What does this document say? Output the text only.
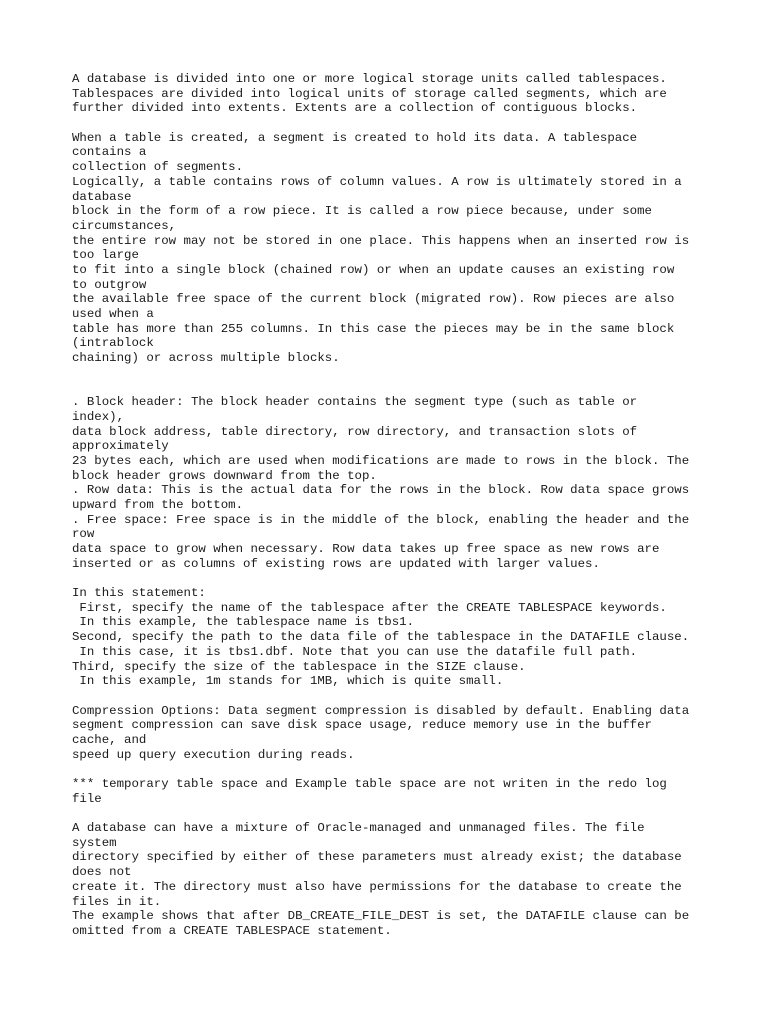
A database is divided into one or more logical storage units called tablespaces.
Tablespaces are divided into logical units of storage called segments, which are
further divided into extents. Extents are a collection of contiguous blocks.
When a table is created, a segment is created to hold its data. A tablespace
contains a
collection of segments.
Logically, a table contains rows of column values. A row is ultimately stored in a
database
block in the form of a row piece. It is called a row piece because, under some
circumstances,
the entire row may not be stored in one place. This happens when an inserted row is
too large
to fit into a single block (chained row) or when an update causes an existing row
to outgrow
the available free space of the current block (migrated row). Row pieces are also
used when a
table has more than 255 columns. In this case the pieces may be in the same block
(intrablock
chaining) or across multiple blocks.
. Block header: The block header contains the segment type (such as table or
index),
data block address, table directory, row directory, and transaction slots of
approximately
23 bytes each, which are used when modifications are made to rows in the block. The
block header grows downward from the top.
. Row data: This is the actual data for the rows in the block. Row data space grows
upward from the bottom.
. Free space: Free space is in the middle of the block, enabling the header and the
row
data space to grow when necessary. Row data takes up free space as new rows are
inserted or as columns of existing rows are updated with larger values.
In this statement:
First, specify the name of the tablespace after the CREATE TABLESPACE keywords.
In this example, the tablespace name is tbs1.
Second, specify the path to the data file of the tablespace in the DATAFILE clause.
In this case, it is tbs1.dbf. Note that you can use the datafile full path.
Third, specify the size of the tablespace in the SIZE clause.
In this example, 1m stands for 1MB, which is quite small.
Compression Options: Data segment compression is disabled by default. Enabling data
segment compression can save disk space usage, reduce memory use in the buffer
cache, and
speed up query execution during reads.
*** temporary table space and Example table space are not writen in the redo log
file
A database can have a mixture of Oracle-managed and unmanaged files. The file
system
directory specified by either of these parameters must already exist; the database
does not
create it. The directory must also have permissions for the database to create the
files in it.
The example shows that after DB_CREATE_FILE_DEST is set, the DATAFILE clause can be
omitted from a CREATE TABLESPACE statement.
